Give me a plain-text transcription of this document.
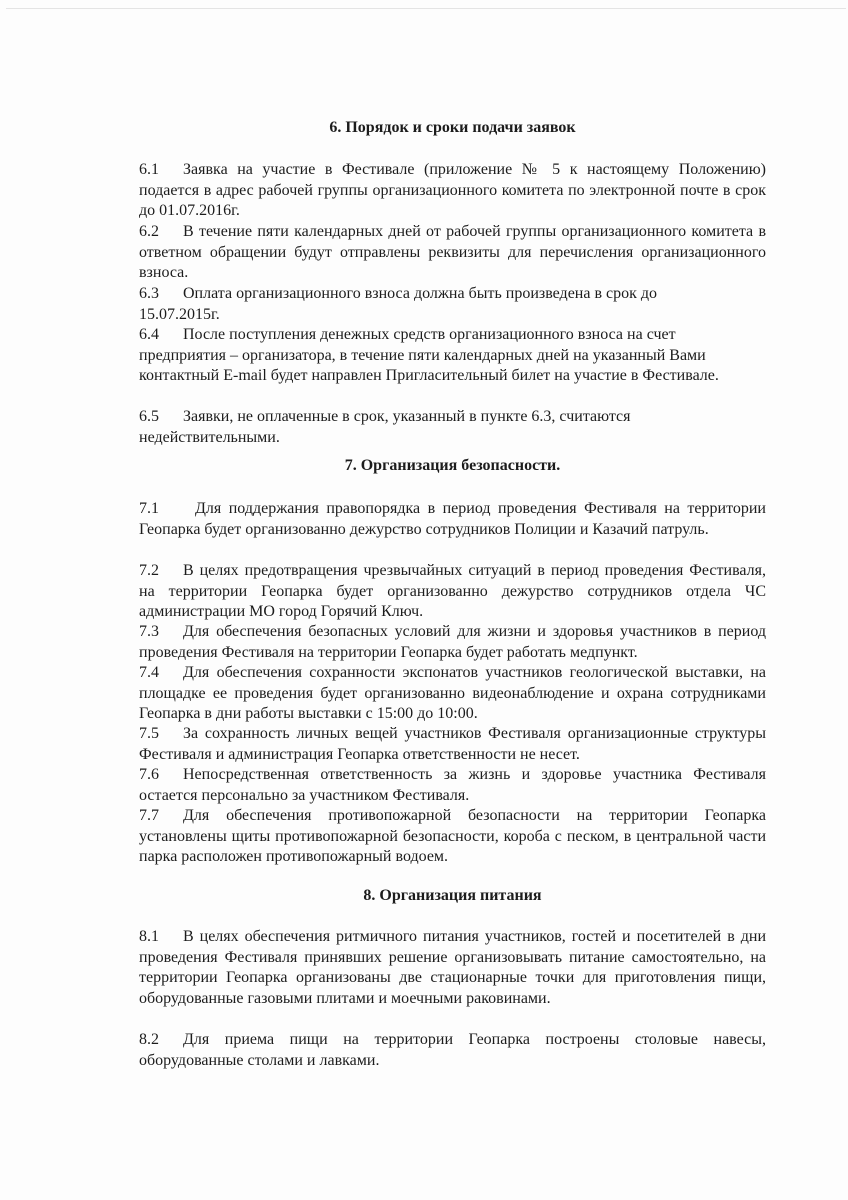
6. Порядок и сроки подачи заявок
6.1 Заявка на участие в Фестивале (приложение № 5 к настоящему Положению) подается в адрес рабочей группы организационного комитета по электронной почте в срок до 01.07.2016г.
6.2 В течение пяти календарных дней от рабочей группы организационного комитета в ответном обращении будут отправлены реквизиты для перечисления организационного взноса.
6.3 Оплата организационного взноса должна быть произведена в срок до 15.07.2015г.
6.4 После поступления денежных средств организационного взноса на счет предприятия – организатора, в течение пяти календарных дней на указанный Вами контактный E-mail будет направлен Пригласительный билет на участие в Фестивале.
6.5 Заявки, не оплаченные в срок, указанный в пункте 6.3, считаются недействительными.
7. Организация безопасности.
7.1 Для поддержания правопорядка в период проведения Фестиваля на территории Геопарка будет организованно дежурство сотрудников Полиции и Казачий патруль.
7.2 В целях предотвращения чрезвычайных ситуаций в период проведения Фестиваля, на территории Геопарка будет организованно дежурство сотрудников отдела ЧС администрации МО город Горячий Ключ.
7.3 Для обеспечения безопасных условий для жизни и здоровья участников в период проведения Фестиваля на территории Геопарка будет работать медпункт.
7.4 Для обеспечения сохранности экспонатов участников геологической выставки, на площадке ее проведения будет организованно видеонаблюдение и охрана сотрудниками Геопарка в дни работы выставки с 15:00 до 10:00.
7.5 За сохранность личных вещей участников Фестиваля организационные структуры Фестиваля и администрация Геопарка ответственности не несет.
7.6 Непосредственная ответственность за жизнь и здоровье участника Фестиваля остается персонально за участником Фестиваля.
7.7 Для обеспечения противопожарной безопасности на территории Геопарка установлены щиты противопожарной безопасности, короба с песком, в центральной части парка расположен противопожарный водоем.
8. Организация питания
8.1 В целях обеспечения ритмичного питания участников, гостей и посетителей в дни проведения Фестиваля принявших решение организовывать питание самостоятельно, на территории Геопарка организованы две стационарные точки для приготовления пищи, оборудованные газовыми плитами и моечными раковинами.
8.2 Для приема пищи на территории Геопарка построены столовые навесы, оборудованные столами и лавками.
